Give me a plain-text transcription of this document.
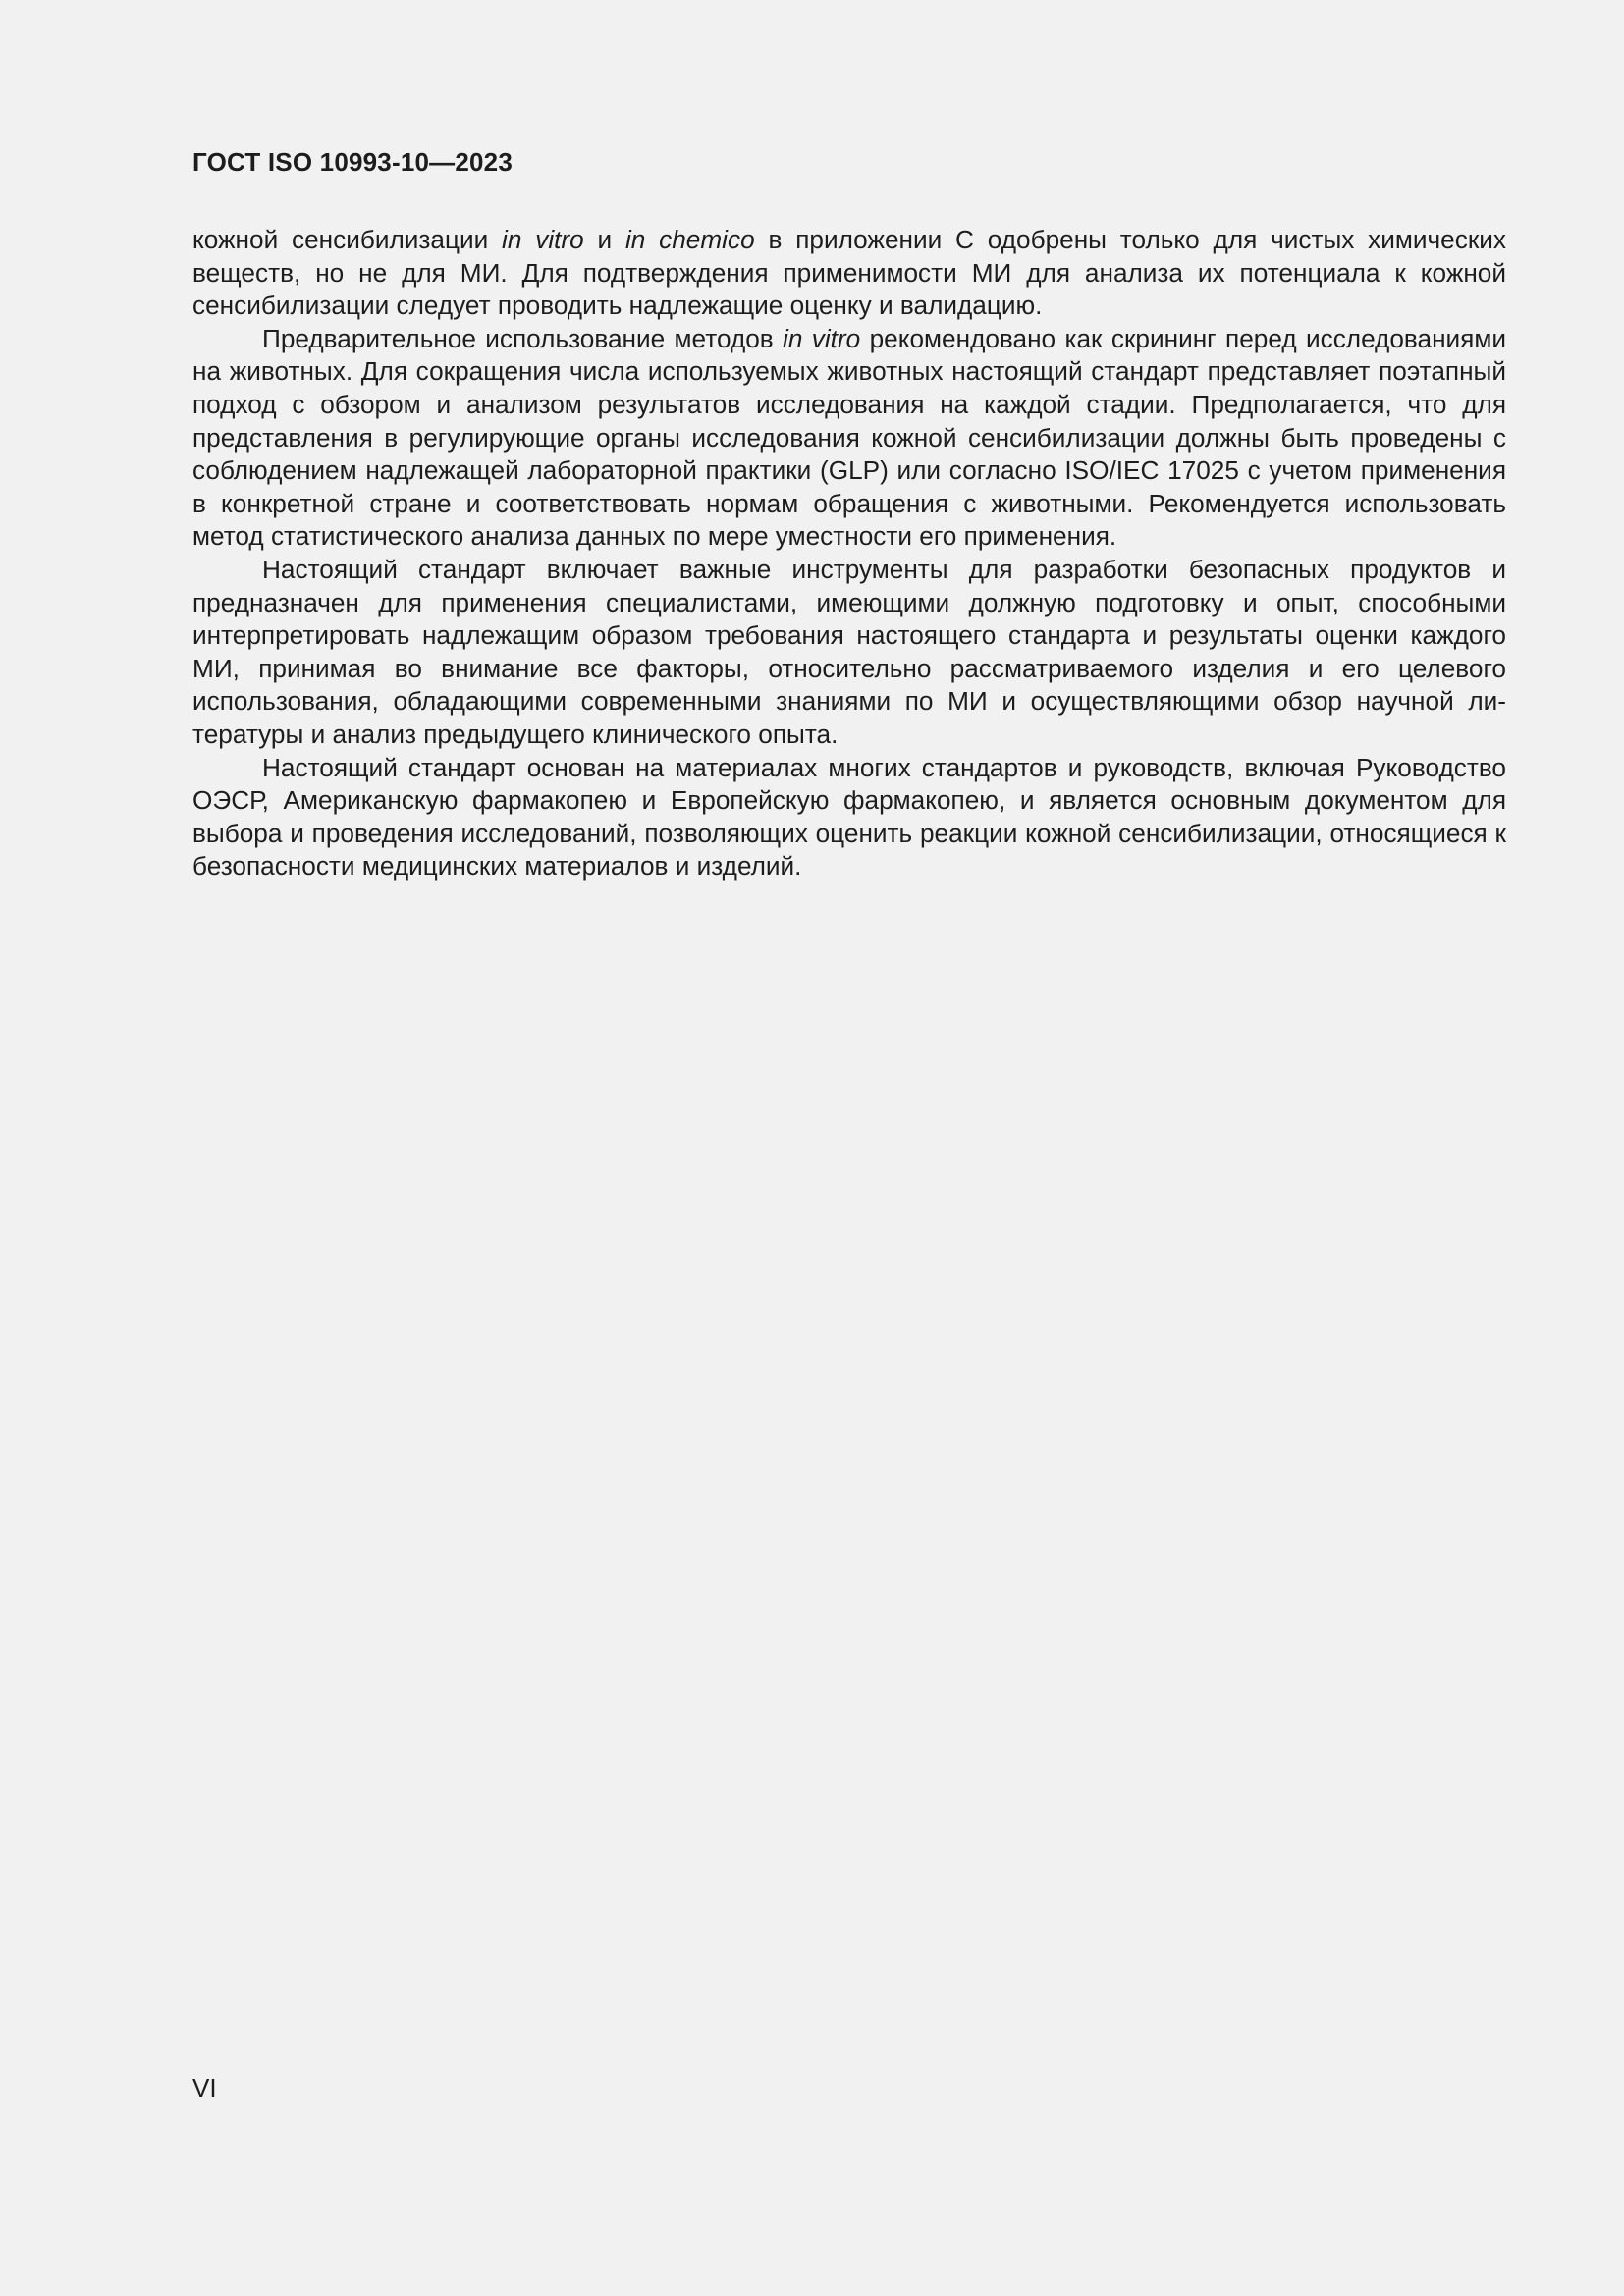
ГОСТ ISO 10993-10—2023

кожной сенсибилизации in vitro и in chemico в приложении С одобрены только для чистых химических веществ, но не для МИ. Для подтверждения применимости МИ для анализа их потенциала к кожной сенсибилизации следует проводить надлежащие оценку и валидацию.

Предварительное использование методов in vitro рекомендовано как скрининг перед исследованиями на животных. Для сокращения числа используемых животных настоящий стандарт представляет поэтапный подход с обзором и анализом результатов исследования на каждой стадии. Предполагается, что для представления в регулирующие органы исследования кожной сенсибилизации должны быть проведены с соблюдением надлежащей лабораторной практики (GLP) или согласно ISO/IEC 17025 с учетом применения в конкретной стране и соответствовать нормам обращения с животными. Рекомендуется использовать метод статистического анализа данных по мере уместности его применения.

Настоящий стандарт включает важные инструменты для разработки безопасных продуктов и предназначен для применения специалистами, имеющими должную подготовку и опыт, способными интерпретировать надлежащим образом требования настоящего стандарта и результаты оценки каждого МИ, принимая во внимание все факторы, относительно рассматриваемого изделия и его целевого использования, обладающими современными знаниями по МИ и осуществляющими обзор научной литературы и анализ предыдущего клинического опыта.

Настоящий стандарт основан на материалах многих стандартов и руководств, включая Руководство ОЭСР, Американскую фармакопею и Европейскую фармакопею, и является основным документом для выбора и проведения исследований, позволяющих оценить реакции кожной сенсибилизации, относящиеся к безопасности медицинских материалов и изделий.

VI
